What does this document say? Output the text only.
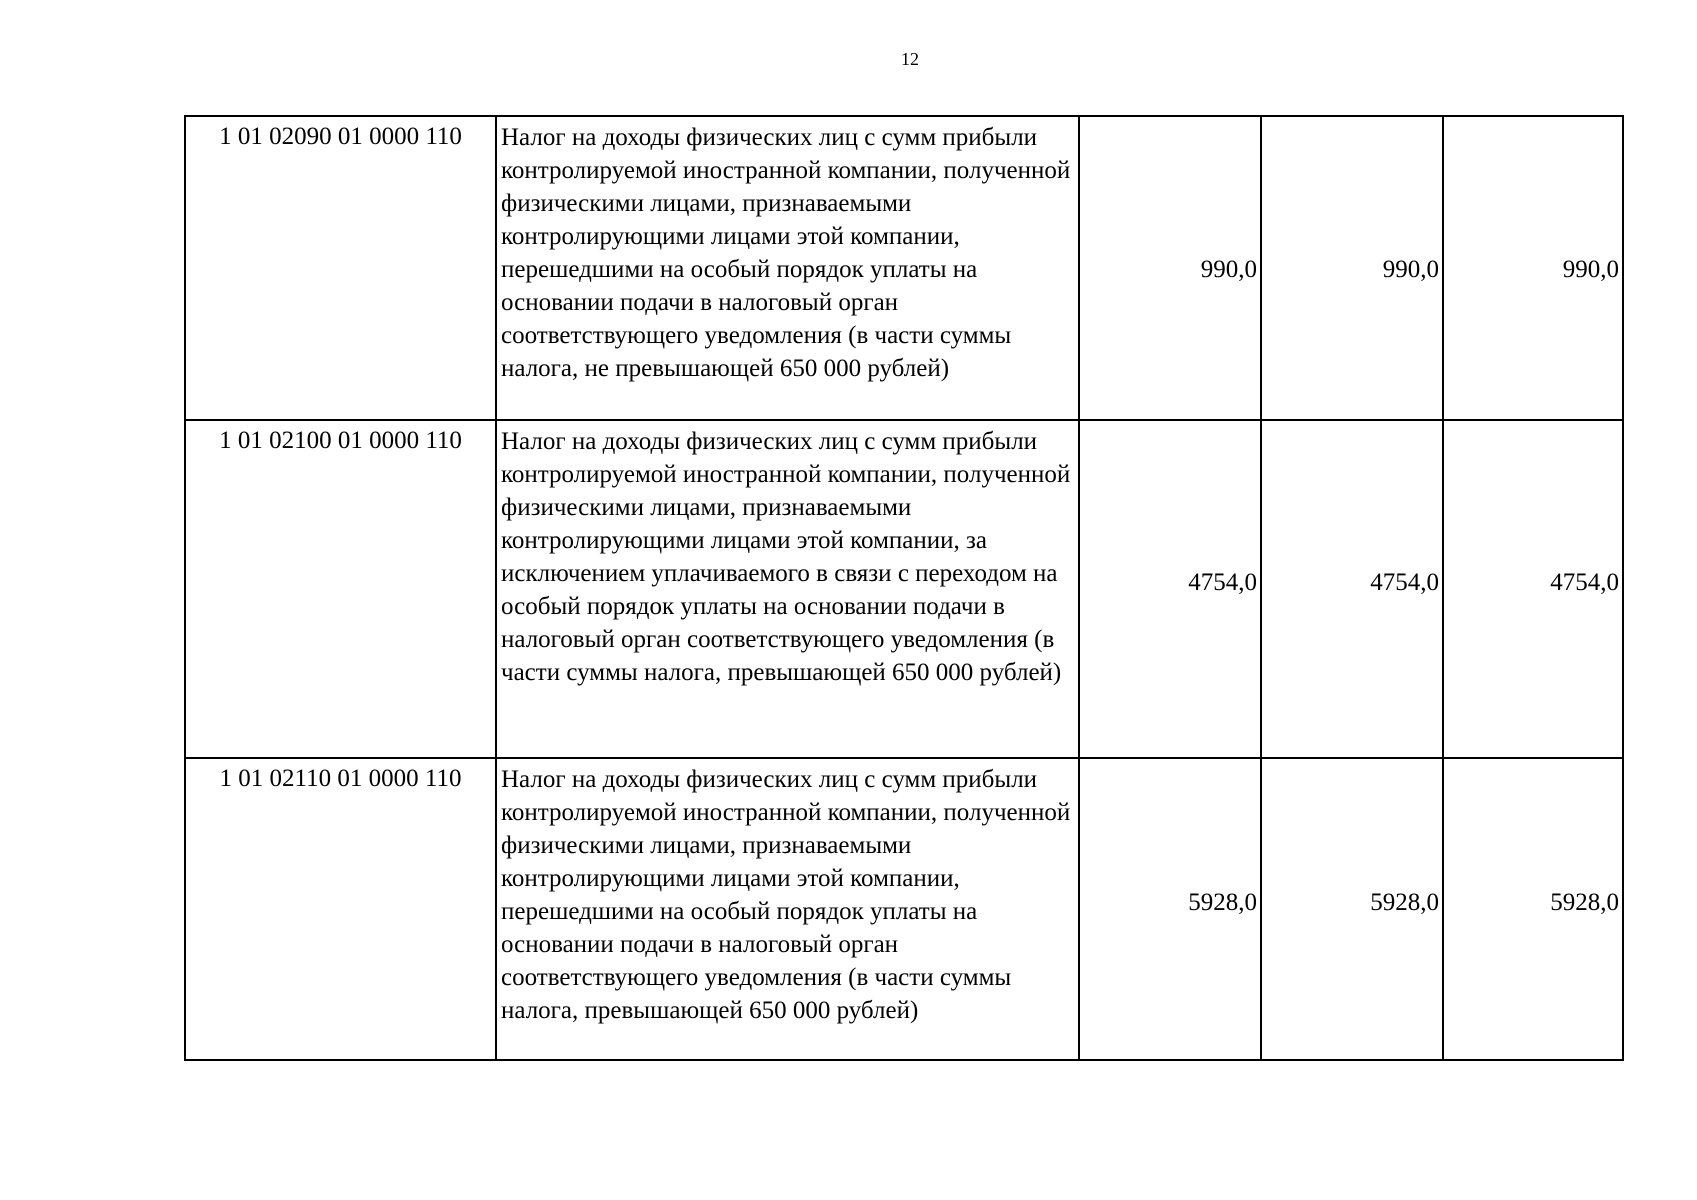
12
1 01 02090 01 0000 110	Налог на доходы физических лиц с сумм прибыли контролируемой иностранной компании, полученной физическими лицами, признаваемыми контролирующими лицами этой компании, перешедшими на особый порядок уплаты на основании подачи в налоговый орган соответствующего уведомления (в части суммы налога, не превышающей 650 000 рублей)	990,0	990,0	990,0
1 01 02100 01 0000 110	Налог на доходы физических лиц с сумм прибыли контролируемой иностранной компании, полученной физическими лицами, признаваемыми контролирующими лицами этой компании, за исключением уплачиваемого в связи с переходом на особый порядок уплаты на основании подачи в налоговый орган соответствующего уведомления (в части суммы налога, превышающей 650 000 рублей)	4754,0	4754,0	4754,0
1 01 02110 01 0000 110	Налог на доходы физических лиц с сумм прибыли контролируемой иностранной компании, полученной физическими лицами, признаваемыми контролирующими лицами этой компании, перешедшими на особый порядок уплаты на основании подачи в налоговый орган соответствующего уведомления (в части суммы налога, превышающей 650 000 рублей)	5928,0	5928,0	5928,0
